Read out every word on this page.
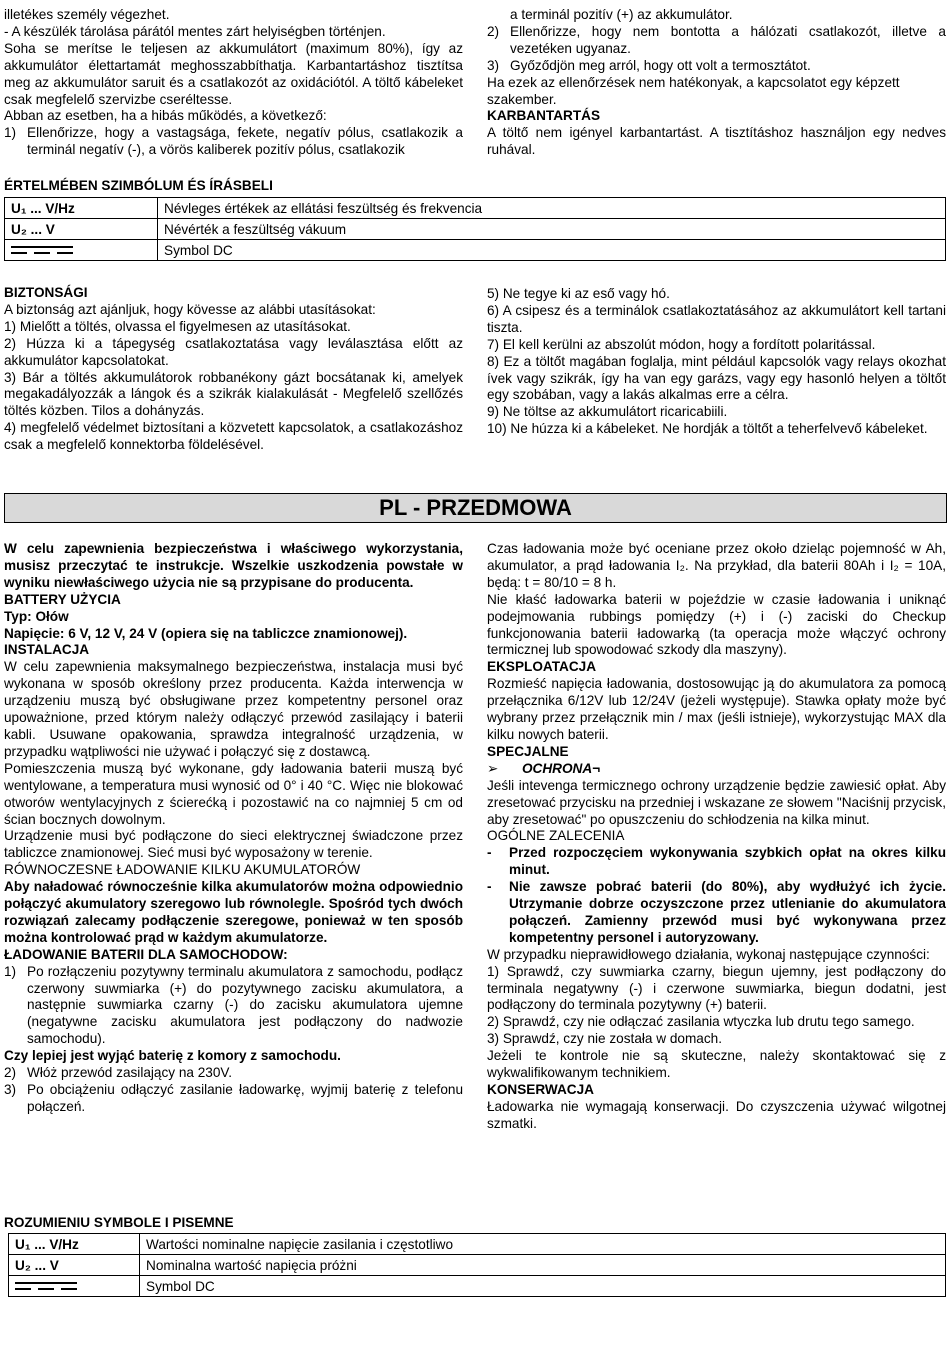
illetékes személy végezhet.

- A készülék tárolása párától mentes zárt helyiségben történjen.

Soha se merítse le teljesen az akkumulátort (maximum 80%), így az akkumulátor élettartamát meghosszabbíthatja. Karbantartáshoz tisztítsa meg az akkumulátor saruit és a csatlakozót az oxidációtól. A töltő kábeleket csak megfelelő szervizbe cseréltesse.

Abban az esetben, ha a hibás működés, a következő:

1) Ellenőrizze, hogy a vastagsága, fekete, negatív pólus, csatlakozik a terminál negatív (-), a vörös kaliberek pozitív pólus, csatlakozik

a terminál pozitív (+) az akkumulátor.

2) Ellenőrizze, hogy nem bontotta a hálózati csatlakozót, illetve a vezetéken ugyanaz.
3) Győződjön meg arról, hogy ott volt a termosztátot.

Ha ezek az ellenőrzések nem hatékonyak, a kapcsolatot egy képzett szakember.

KARBANTARTÁS

A töltő nem igényel karbantartást. A tisztításhoz használjon egy nedves ruhával.

ÉRTELMÉBEN SZIMBÓLUM ÉS ÍRÁSBELI
U₁ ... V/Hz	Névleges értékek az ellátási feszültség és frekvencia
U₂ ... V	Névérték a feszültség vákuum

	Symbol DC

BIZTONSÁGI

A biztonság azt ajánljuk, hogy kövesse az alábbi utasításokat:

1) Mielőtt a töltés, olvassa el figyelmesen az utasításokat.

2) Húzza ki a tápegység csatlakoztatása vagy leválasztása előtt az akkumulátor kapcsolatokat.

3) Bár a töltés akkumulátorok robbanékony gázt bocsátanak ki, amelyek megakadályozzák a lángok és a szikrák kialakulását - Megfelelő szellőzés töltés közben. Tilos a dohányzás.

4) megfelelő védelmet biztosítani a közvetett kapcsolatok, a csatlakozáshoz csak a megfelelő konnektorba földelésével.

5) Ne tegye ki az eső vagy hó.

6) A csipesz és a terminálok csatlakoztatásához az akkumulátort kell tartani tiszta.

7) El kell kerülni az abszolút módon, hogy a fordított polaritással.

8) Ez a töltőt magában foglalja, mint például kapcsolók vagy relays okozhat ívek vagy szikrák, így ha van egy garázs, vagy egy hasonló helyen a töltőt egy szobában, vagy a lakás alkalmas erre a célra.

9) Ne töltse az akkumulátort ricaricabiili.

10) Ne húzza ki a kábeleket. Ne hordják a töltőt a teherfelvevő kábeleket.

PL - PRZEDMOWA

W celu zapewnienia bezpieczeństwa i właściwego wykorzystania, musisz przeczytać te instrukcje. Wszelkie uszkodzenia powstałe w wyniku niewłaściwego użycia nie są przypisane do producenta.

BATTERY UŻYCIA

Typ: Ołów

Napięcie: 6 V, 12 V, 24 V (opiera się na tabliczce znamionowej).

INSTALACJA

W celu zapewnienia maksymalnego bezpieczeństwa, instalacja musi być wykonana w sposób określony przez producenta. Każda interwencja w urządzeniu muszą być obsługiwane przez kompetentny personel oraz upoważnione, przed którym należy odłączyć przewód zasilający i baterii kabli. Usuwane opakowania, sprawdza integralność urządzenia, w przypadku wątpliwości nie używać i połączyć się z dostawcą.

Pomieszczenia muszą być wykonane, gdy ładowania baterii muszą być wentylowane, a temperatura musi wynosić od 0° i 40 °C. Więc nie blokować otworów wentylacyjnych z ścierećką i pozostawić na co najmniej 5 cm od ścian bocznych dowolnym.

Urządzenie musi być podłączone do sieci elektrycznej świadczone przez tabliczce znamionowej. Sieć musi być wyposażony w terenie.

RÓWNOCZESNE ŁADOWANIE KILKU AKUMULATORÓW

Aby naładować równocześnie kilka akumulatorów można odpowiednio połączyć akumulatory szeregowo lub równolegle. Spośród tych dwóch rozwiązań zalecamy podłączenie szeregowe, ponieważ w ten sposób można kontrolować prąd w każdym akumulatorze.

ŁADOWANIE BATERII DLA SAMOCHODOW:

1) Po rozłączeniu pozytywny terminalu akumulatora z samochodu, podłącz czerwony suwmiarka (+) do pozytywnego zacisku akumulatora, a następnie suwmiarka czarny (-) do zacisku akumulatora ujemne (negatywne zacisku akumulatora jest podłączony do nadwozie samochodu).

Czy lepiej jest wyjąć baterię z komory z samochodu.

2) Włóż przewód zasilający na 230V.
3) Po obciążeniu odłączyć zasilanie ładowarkę, wyjmij baterię z telefonu połączeń.

Czas ładowania może być oceniane przez około dzieląc pojemność w Ah, akumulator, a prąd ładowania I₂. Na przykład, dla baterii 80Ah i I₂ = 10A, będą: t = 80/10 = 8 h.

Nie kłaść ładowarka baterii w pojeździe w czasie ładowania i uniknąć podejmowania rubbings pomiędzy (+) i (-) zaciski do Checkup funkcjonowania baterii ładowarką (ta operacja może włączyć ochrony termicznej lub spowodować szkody dla maszyny).

EKSPLOATACJA

Rozmieść napięcia ładowania, dostosowując ją do akumulatora za pomocą przełącznika 6/12V lub 12/24V (jeżeli występuje). Stawka opłaty może być wybrany przez przełącznik min / max (jeśli istnieje), wykorzystując MAX dla kilku nowych baterii.

SPECJALNE

➢ OCHRONA¬

Jeśli intevenga termicznego ochrony urządzenie będzie zawiesić opłat. Aby zresetować przycisku na przedniej i wskazane ze słowem "Naciśnij przycisk, aby zresetować" po opuszczeniu do schłodzenia na kilka minut.

OGÓLNE ZALECENIA

-	Przed rozpoczęciem wykonywania szybkich opłat na okres kilku minut.
-	Nie zawsze pobrać baterii (do 80%), aby wydłużyć ich życie. Utrzymanie dobrze oczyszczone przez utlenianie do akumulatora połączeń. Zamienny przewód musi być wykonywana przez kompetentny personel i autoryzowany.

W przypadku nieprawidłowego działania, wykonaj następujące czynności:

1) Sprawdź, czy suwmiarka czarny, biegun ujemny, jest podłączony do terminala negatywny (-) i czerwone suwmiarka, biegun dodatni, jest podłączony do terminala pozytywny (+) baterii.

2) Sprawdź, czy nie odłączać zasilania wtyczka lub drutu tego samego.

3) Sprawdź, czy nie została w domach.

Jeżeli te kontrole nie są skuteczne, należy skontaktować się z wykwalifikowanym technikiem.

KONSERWACJA

Ładowarka nie wymagają konserwacji. Do czyszczenia używać wilgotnej szmatki.

ROZUMIENIU SYMBOLE I PISEMNE
U₁ ... V/Hz	Wartości nominalne napięcie zasilania i częstotliwo
U₂ ... V	Nominalna wartość napięcia próżni

	Symbol DC
